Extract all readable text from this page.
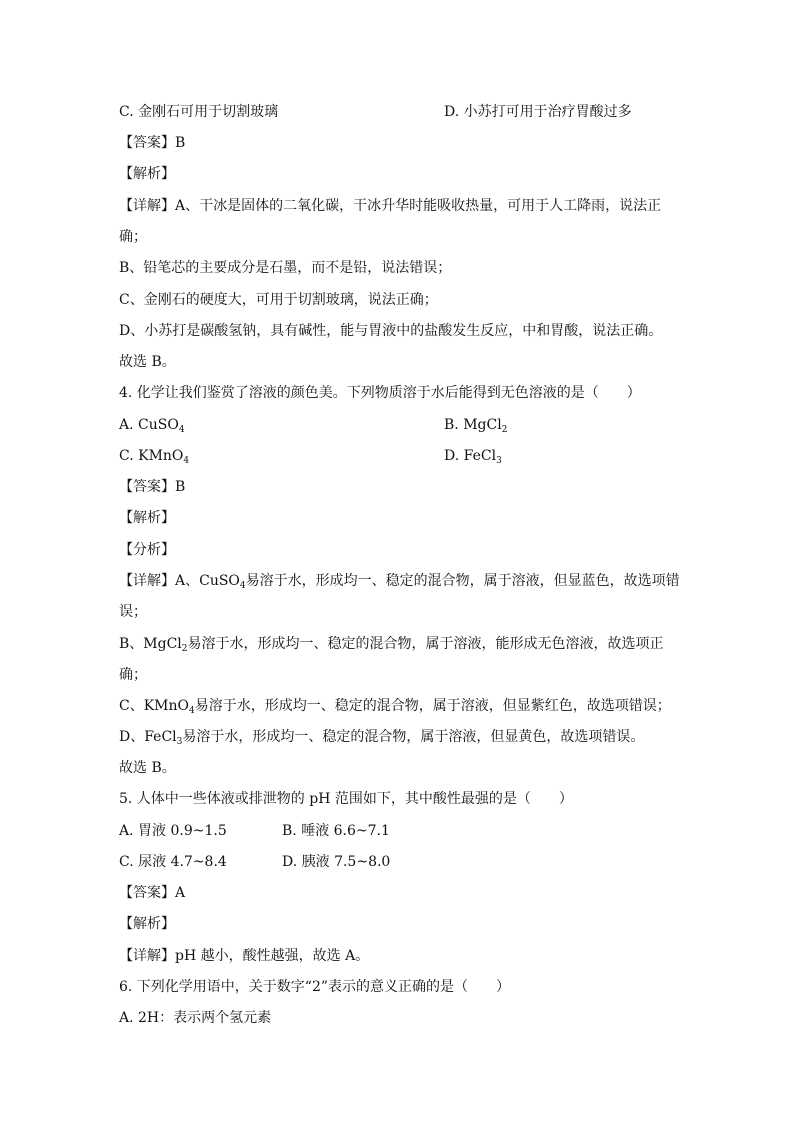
C. 金刚石可用于切割玻璃	D. 小苏打可用于治疗胃酸过多
【答案】B
【解析】
【详解】A、干冰是固体的二氧化碳，干冰升华时能吸收热量，可用于人工降雨，说法正
确；
B、铅笔芯的主要成分是石墨，而不是铅，说法错误；
C、金刚石的硬度大，可用于切割玻璃，说法正确；
D、小苏打是碳酸氢钠，具有碱性，能与胃液中的盐酸发生反应，中和胃酸，说法正确。
故选 B。
4. 化学让我们鉴赏了溶液的颜色美。下列物质溶于水后能得到无色溶液的是（　　）
A. CuSO$_4$	B. MgCl$_2$
C. KMnO$_4$	D. FeCl$_3$
【答案】B
【解析】
【分析】
【详解】A、CuSO$_4$易溶于水，形成均一、稳定的混合物，属于溶液，但显蓝色，故选项错
误；
B、MgCl$_2$易溶于水，形成均一、稳定的混合物，属于溶液，能形成无色溶液，故选项正
确；
C、KMnO$_4$易溶于水，形成均一、稳定的混合物，属于溶液，但显紫红色，故选项错误；
D、FeCl$_3$易溶于水，形成均一、稳定的混合物，属于溶液，但显黄色，故选项错误。
故选 B。
5. 人体中一些体液或排泄物的 pH 范围如下，其中酸性最强的是（　　）
A. 胃液 0.9~1.5	B. 唾液 6.6~7.1
C. 尿液 4.7~8.4	D. 胰液 7.5~8.0
【答案】A
【解析】
【详解】pH 越小，酸性越强，故选 A。
6. 下列化学用语中，关于数字“2”表示的意义正确的是（　　）
A. 2H：表示两个氢元素
